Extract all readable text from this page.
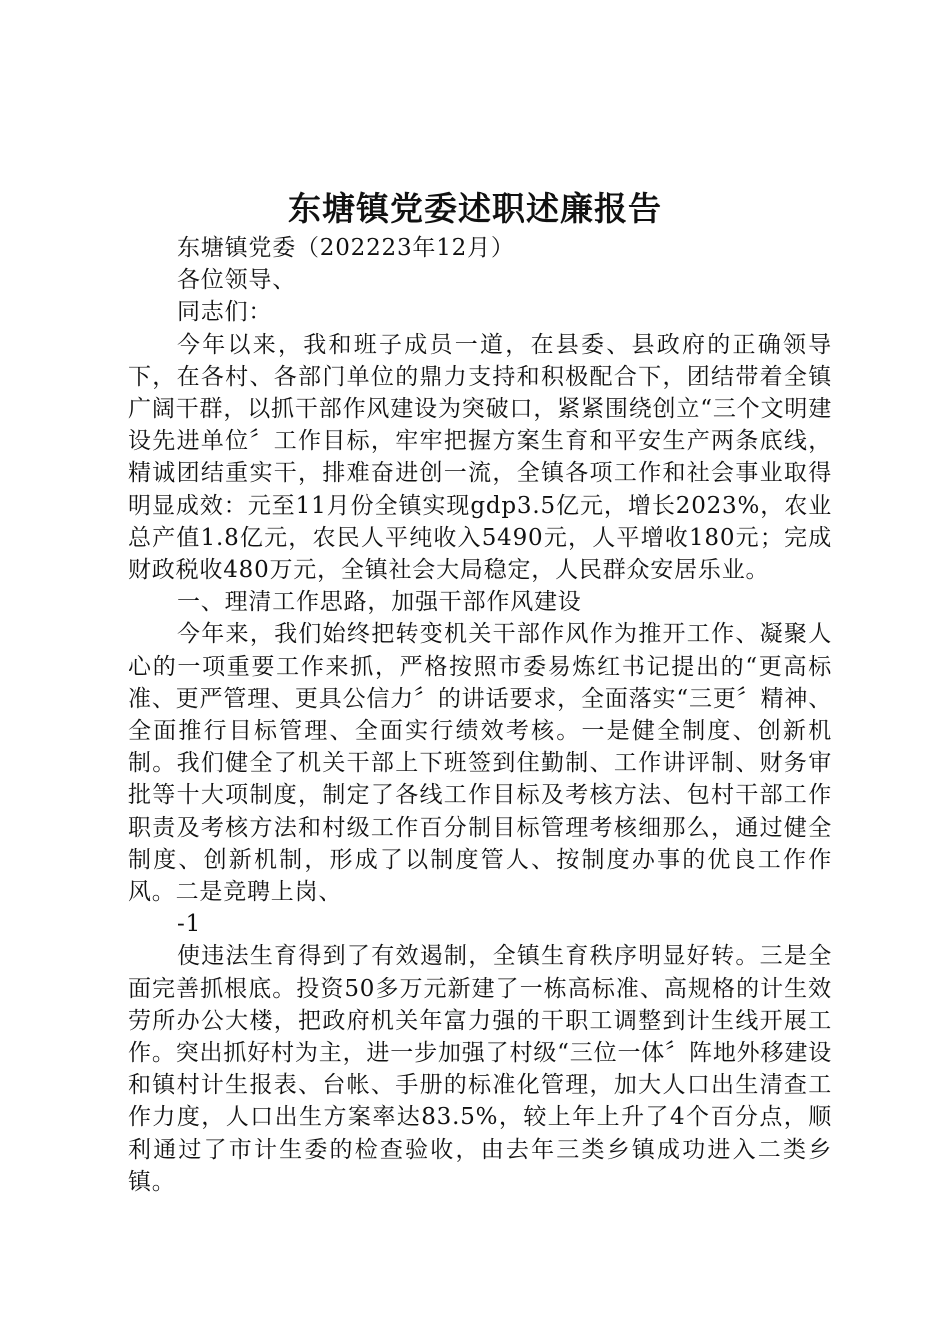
东塘镇党委述职述廉报告

东塘镇党委（202223年12月）

各位领导、

同志们：

今年以来，我和班子成员一道，在县委、县政府的正确领导下，在各村、各部门单位的鼎力支持和积极配合下，团结带着全镇广阔干群，以抓干部作风建设为突破口，紧紧围绕创立“三个文明建设先进单位〞工作目标，牢牢把握方案生育和平安生产两条底线，精诚团结重实干，排难奋进创一流，全镇各项工作和社会事业取得明显成效：元至11月份全镇实现gdp3.5亿元，增长2023%，农业总产值1.8亿元，农民人平纯收入5490元，人平增收180元；完成财政税收480万元，全镇社会大局稳定，人民群众安居乐业。

一、理清工作思路，加强干部作风建设

今年来，我们始终把转变机关干部作风作为推开工作、凝聚人心的一项重要工作来抓，严格按照市委易炼红书记提出的“更高标准、更严管理、更具公信力〞的讲话要求，全面落实“三更〞精神、全面推行目标管理、全面实行绩效考核。一是健全制度、创新机制。我们健全了机关干部上下班签到住勤制、工作讲评制、财务审批等十大项制度，制定了各线工作目标及考核方法、包村干部工作职责及考核方法和村级工作百分制目标管理考核细那么，通过健全制度、创新机制，形成了以制度管人、按制度办事的优良工作作风。二是竞聘上岗、

-1

使违法生育得到了有效遏制，全镇生育秩序明显好转。三是全面完善抓根底。投资50多万元新建了一栋高标准、高规格的计生效劳所办公大楼，把政府机关年富力强的干职工调整到计生线开展工作。突出抓好村为主，进一步加强了村级“三位一体〞阵地外移建设和镇村计生报表、台帐、手册的标准化管理，加大人口出生清查工作力度，人口出生方案率达83.5%，较上年上升了4个百分点，顺利通过了市计生委的检查验收，由去年三类乡镇成功进入二类乡镇。
